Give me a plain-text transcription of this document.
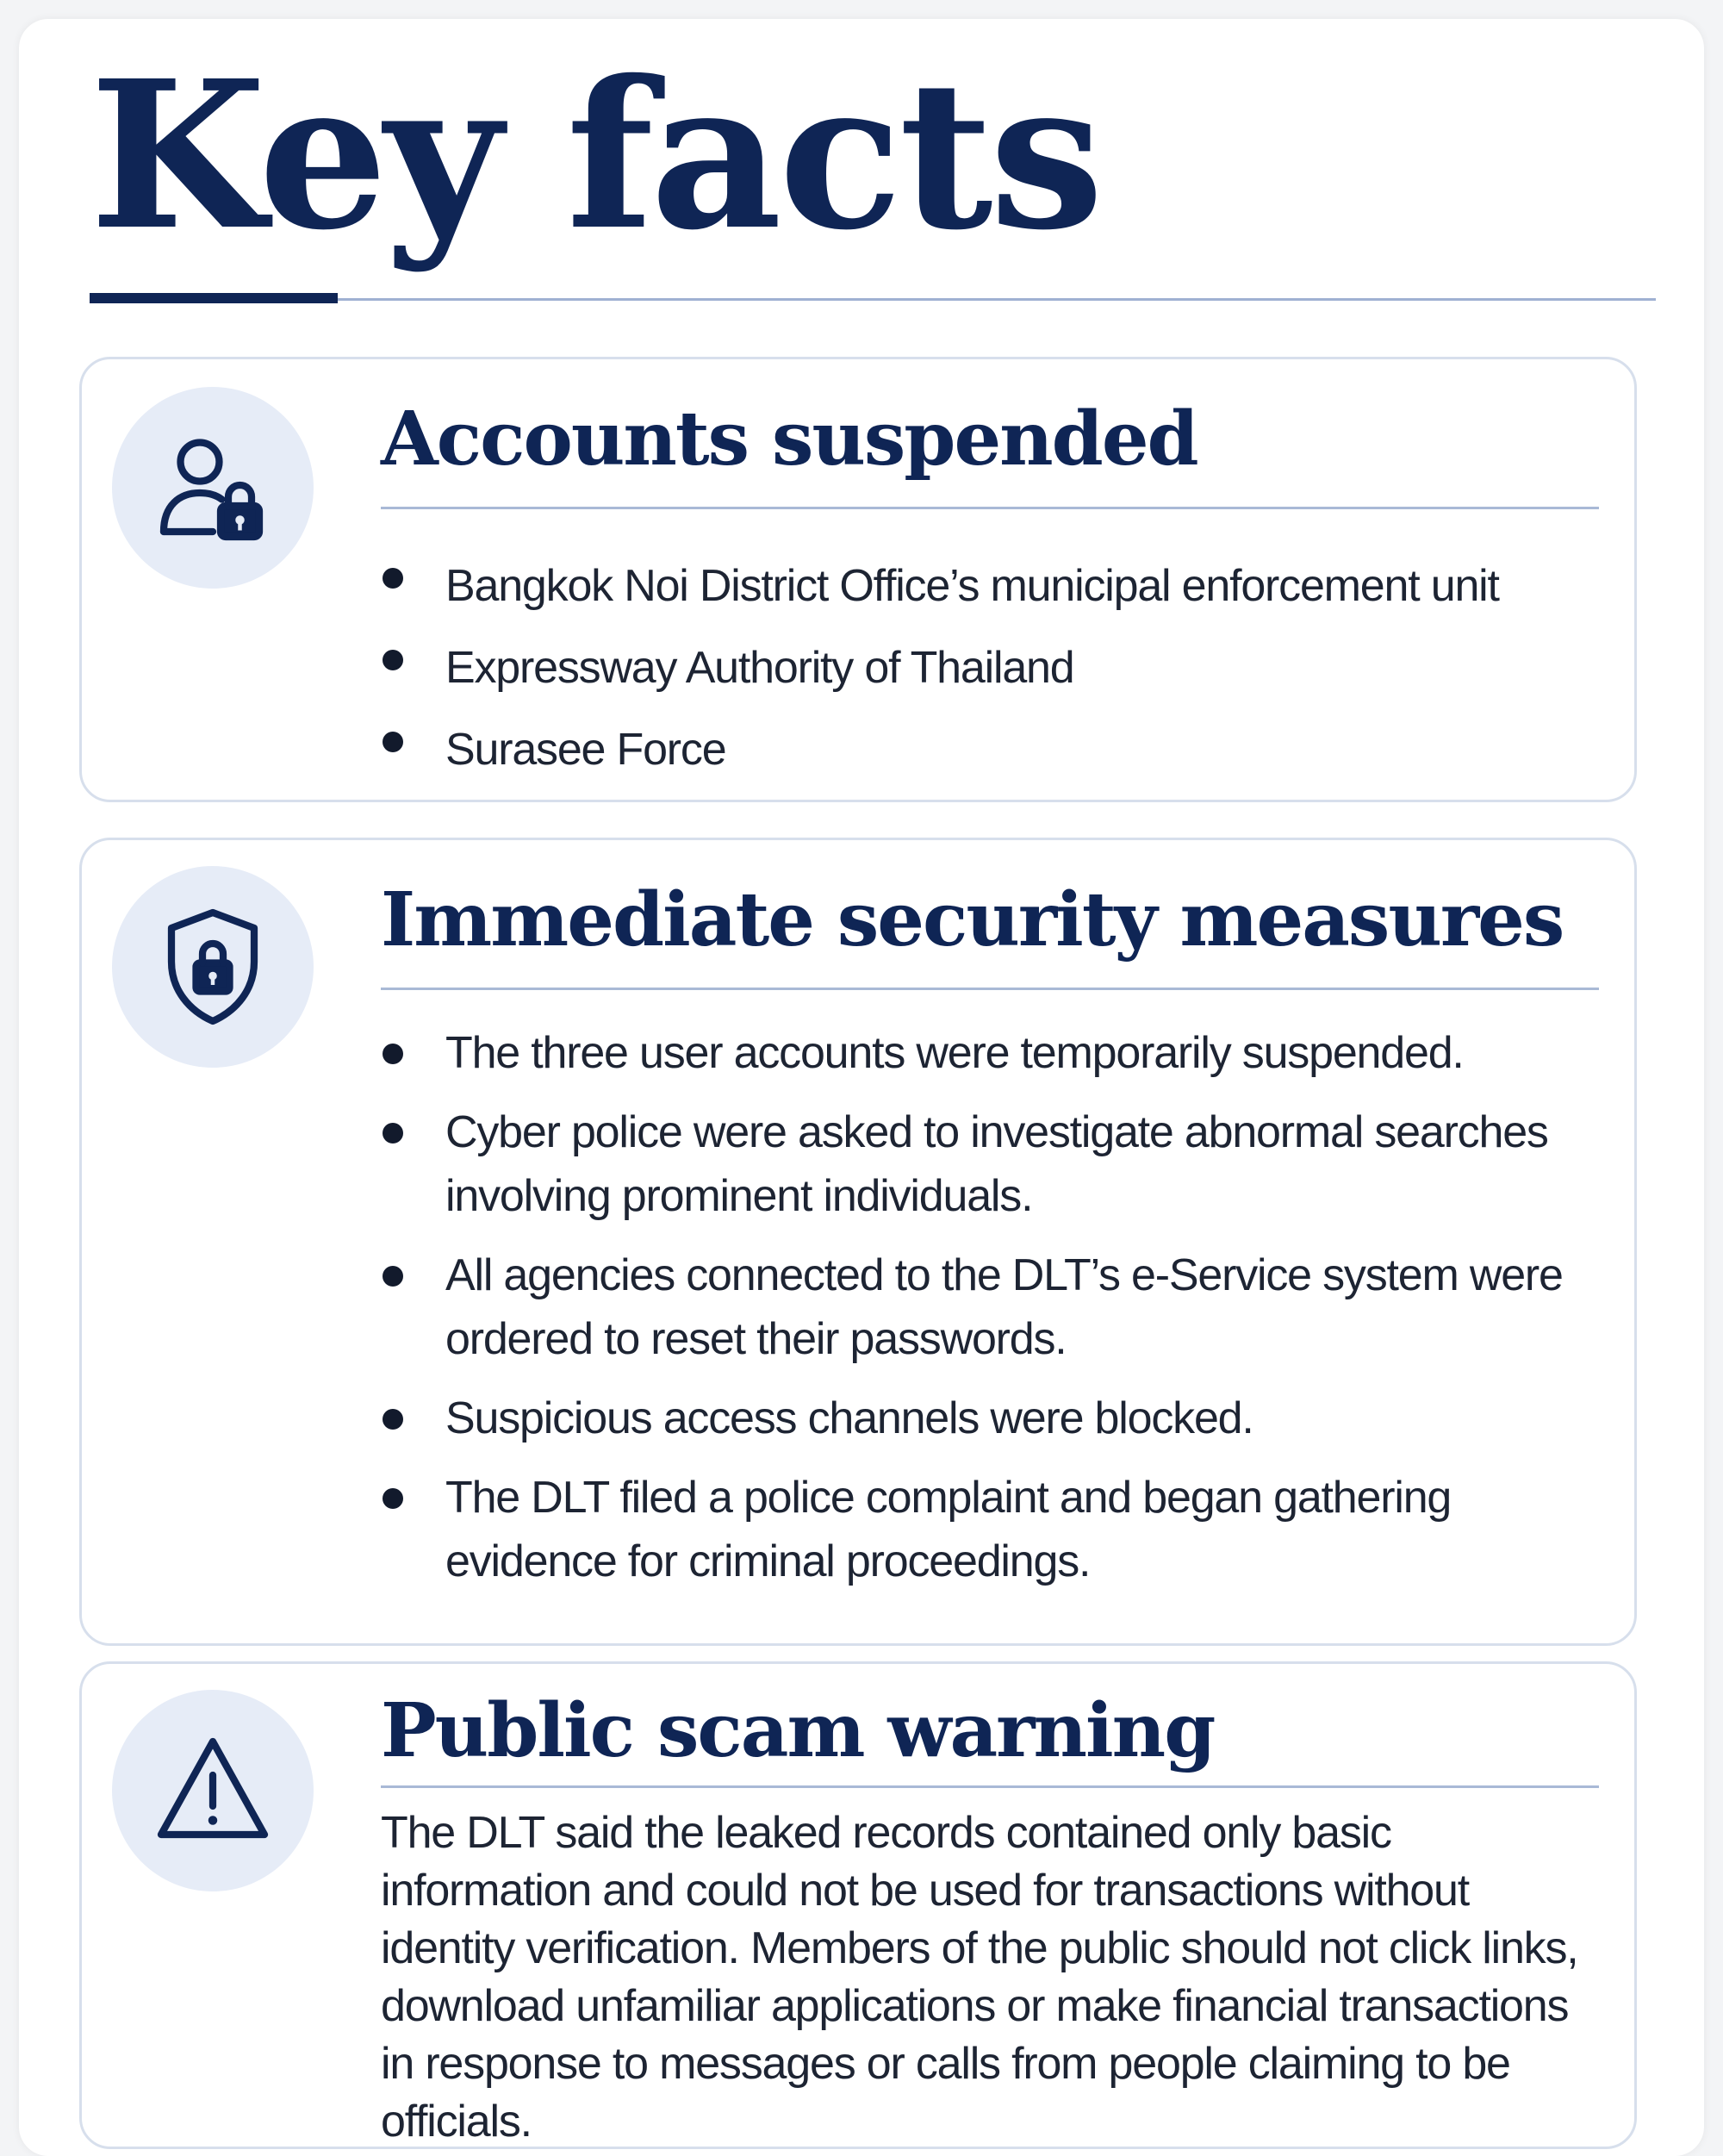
Key facts
Accounts suspended
Bangkok Noi District Office’s municipal enforcement unit
Expressway Authority of Thailand
Surasee Force
Immediate security measures
The three user accounts were temporarily suspended.
Cyber police were asked to investigate abnormal searches involving prominent individuals.
All agencies connected to the DLT’s e-Service system were ordered to reset their passwords.
Suspicious access channels were blocked.
The DLT filed a police complaint and began gathering evidence for criminal proceedings.
Public scam warning

The DLT said the leaked records contained only basic information and could not be used for transactions without identity verification. Members of the public should not click links, download unfamiliar applications or make financial transactions in response to messages or calls from people claiming to be officials.
